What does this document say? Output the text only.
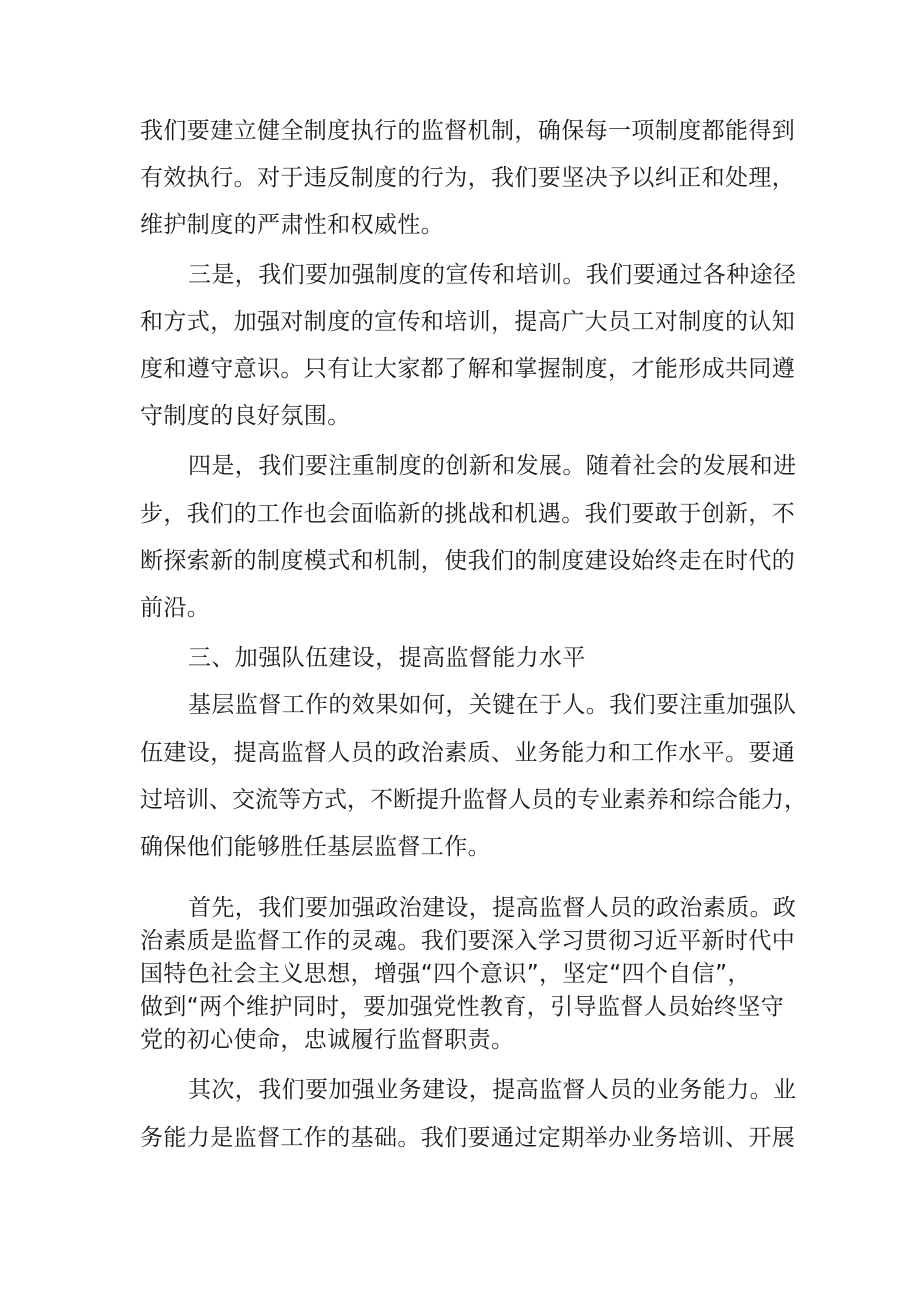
我们要建立健全制度执行的监督机制，确保每一项制度都能得到
有效执行。对于违反制度的行为，我们要坚决予以纠正和处理，
维护制度的严肃性和权威性。
三是，我们要加强制度的宣传和培训。我们要通过各种途径
和方式，加强对制度的宣传和培训，提高广大员工对制度的认知
度和遵守意识。只有让大家都了解和掌握制度，才能形成共同遵
守制度的良好氛围。
四是，我们要注重制度的创新和发展。随着社会的发展和进
步，我们的工作也会面临新的挑战和机遇。我们要敢于创新，不
断探索新的制度模式和机制，使我们的制度建设始终走在时代的
前沿。
三、加强队伍建设，提高监督能力水平
基层监督工作的效果如何，关键在于人。我们要注重加强队
伍建设，提高监督人员的政治素质、业务能力和工作水平。要通
过培训、交流等方式，不断提升监督人员的专业素养和综合能力，
确保他们能够胜任基层监督工作。
首先，我们要加强政治建设，提高监督人员的政治素质。政
治素质是监督工作的灵魂。我们要深入学习贯彻习近平新时代中
国特色社会主义思想，增强“四个意识”，坚定“四个自信”，
做到“两个维护同时，要加强党性教育，引导监督人员始终坚守
党的初心使命，忠诚履行监督职责。
其次，我们要加强业务建设，提高监督人员的业务能力。业
务能力是监督工作的基础。我们要通过定期举办业务培训、开展
